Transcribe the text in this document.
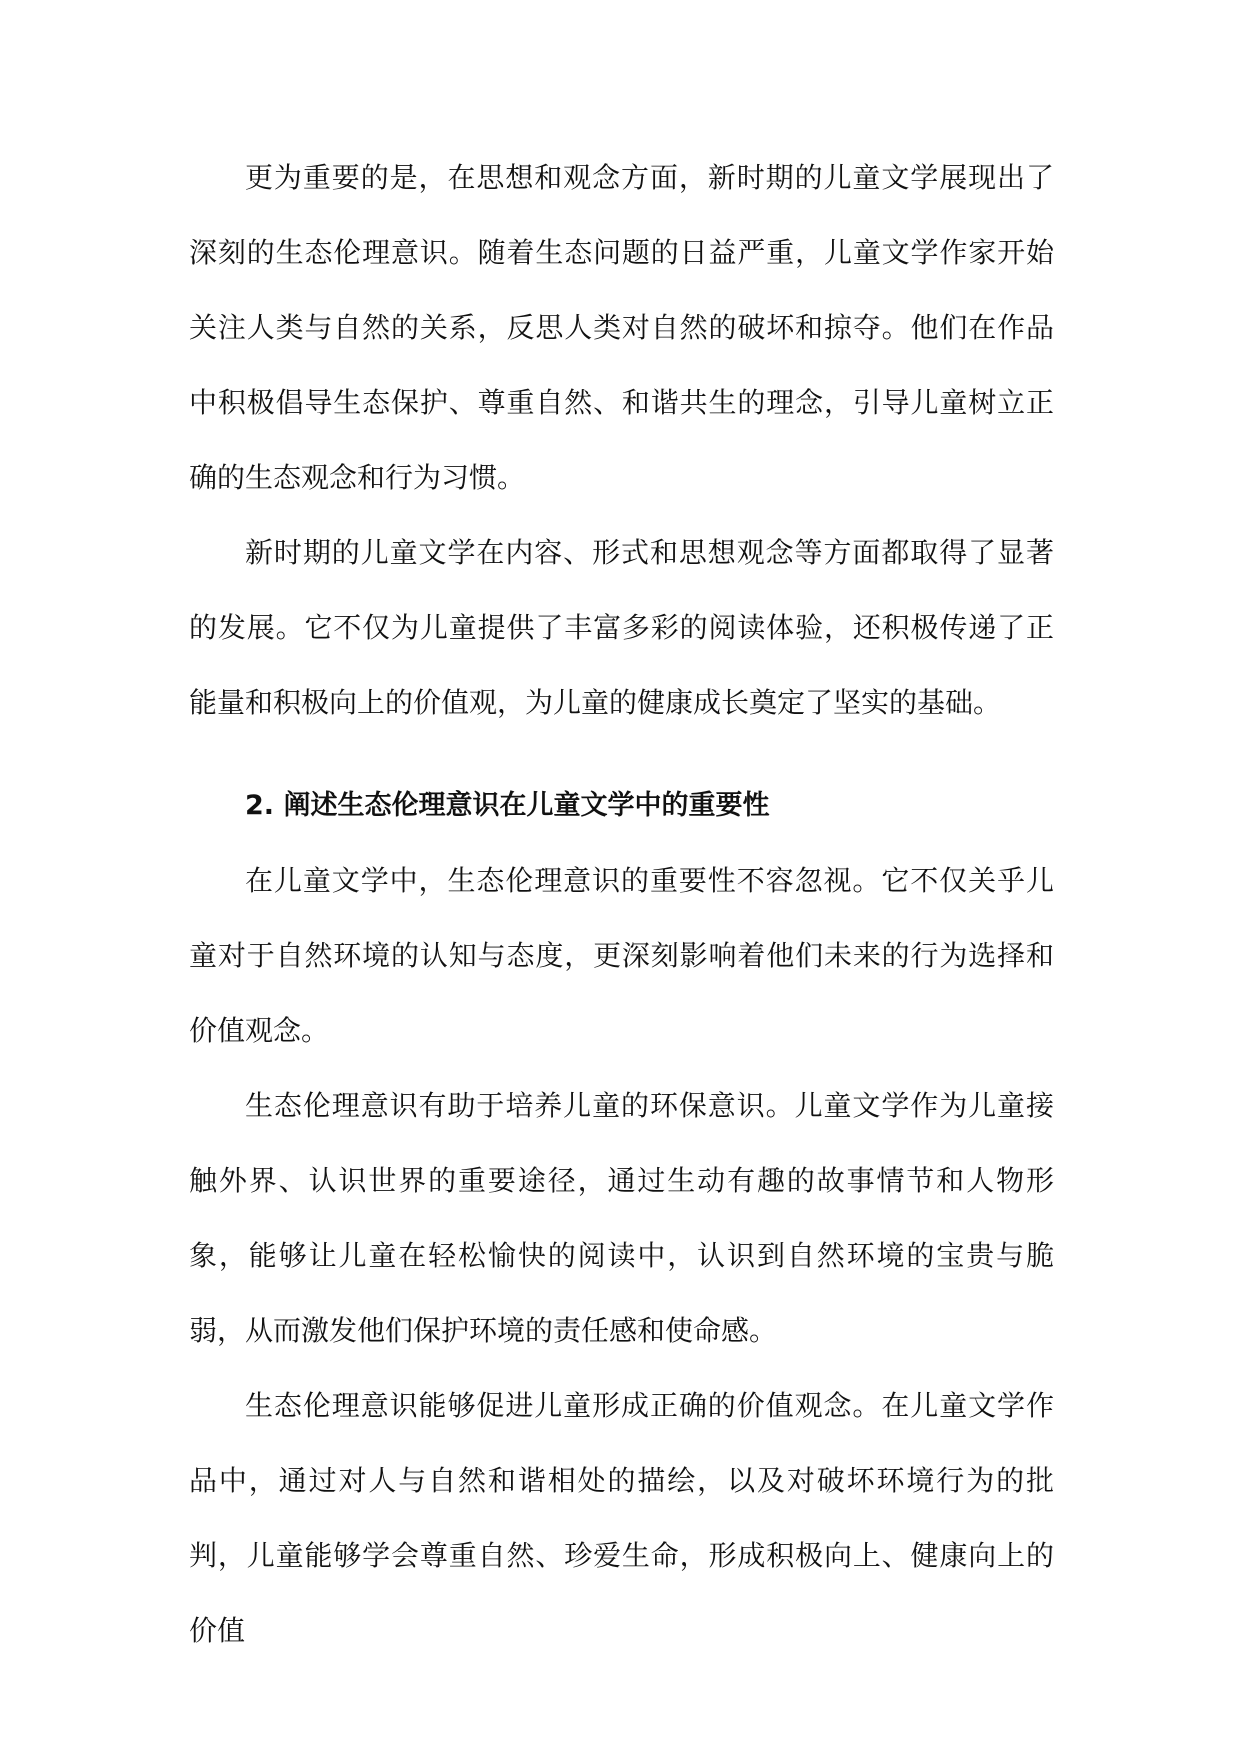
更为重要的是，在思想和观念方面，新时期的儿童文学展现出了深刻的生态伦理意识。随着生态问题的日益严重，儿童文学作家开始关注人类与自然的关系，反思人类对自然的破坏和掠夺。他们在作品中积极倡导生态保护、尊重自然、和谐共生的理念，引导儿童树立正确的生态观念和行为习惯。

新时期的儿童文学在内容、形式和思想观念等方面都取得了显著的发展。它不仅为儿童提供了丰富多彩的阅读体验，还积极传递了正能量和积极向上的价值观，为儿童的健康成长奠定了坚实的基础。

2. 阐述生态伦理意识在儿童文学中的重要性

在儿童文学中，生态伦理意识的重要性不容忽视。它不仅关乎儿童对于自然环境的认知与态度，更深刻影响着他们未来的行为选择和价值观念。

生态伦理意识有助于培养儿童的环保意识。儿童文学作为儿童接触外界、认识世界的重要途径，通过生动有趣的故事情节和人物形象，能够让儿童在轻松愉快的阅读中，认识到自然环境的宝贵与脆弱，从而激发他们保护环境的责任感和使命感。

生态伦理意识能够促进儿童形成正确的价值观念。在儿童文学作品中，通过对人与自然和谐相处的描绘，以及对破坏环境行为的批判，儿童能够学会尊重自然、珍爱生命，形成积极向上、健康向上的价值
